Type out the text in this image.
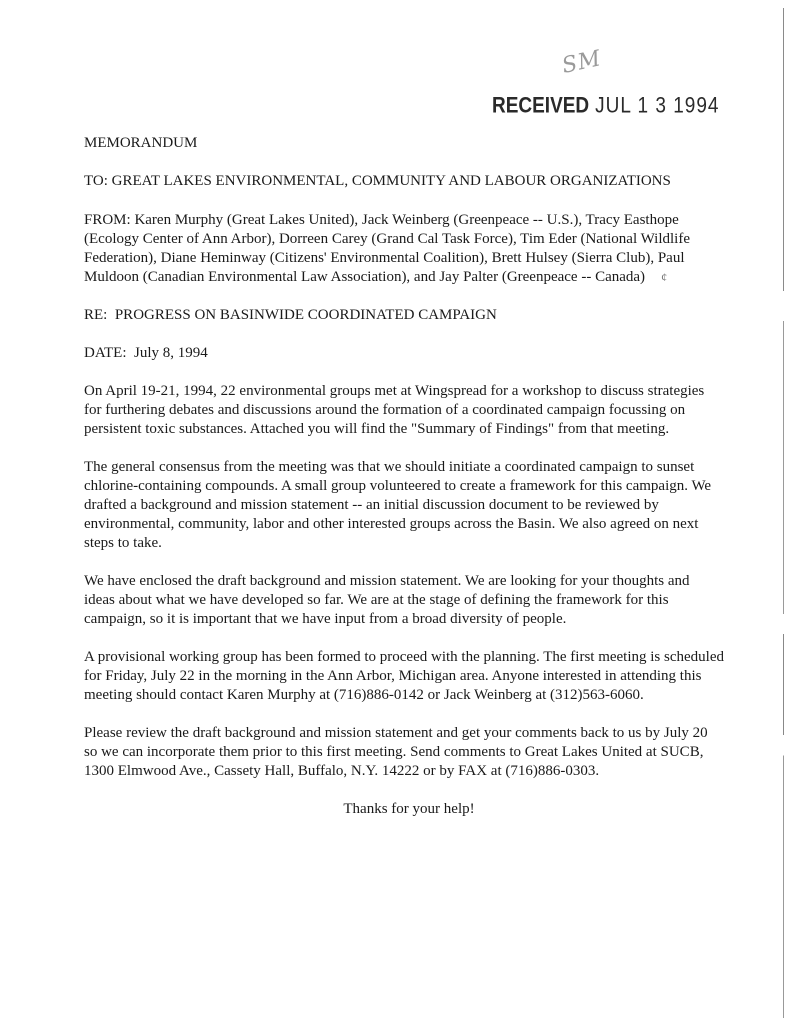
SM
RECEIVED JUL 1 3 1994

MEMORANDUM

TO: GREAT LAKES ENVIRONMENTAL, COMMUNITY AND LABOUR ORGANIZATIONS

FROM: Karen Murphy (Great Lakes United), Jack Weinberg (Greenpeace -- U.S.), Tracy Easthope (Ecology Center of Ann Arbor), Dorreen Carey (Grand Cal Task Force), Tim Eder (National Wildlife Federation), Diane Heminway (Citizens' Environmental Coalition), Brett Hulsey (Sierra Club), Paul Muldoon (Canadian Environmental Law Association), and Jay Palter (Greenpeace -- Canada) ¢

RE: PROGRESS ON BASINWIDE COORDINATED CAMPAIGN

DATE: July 8, 1994

On April 19-21, 1994, 22 environmental groups met at Wingspread for a workshop to discuss strategies for furthering debates and discussions around the formation of a coordinated campaign focussing on persistent toxic substances. Attached you will find the "Summary of Findings" from that meeting.

The general consensus from the meeting was that we should initiate a coordinated campaign to sunset chlorine-containing compounds. A small group volunteered to create a framework for this campaign. We drafted a background and mission statement -- an initial discussion document to be reviewed by environmental, community, labor and other interested groups across the Basin. We also agreed on next steps to take.

We have enclosed the draft background and mission statement. We are looking for your thoughts and ideas about what we have developed so far. We are at the stage of defining the framework for this campaign, so it is important that we have input from a broad diversity of people.

A provisional working group has been formed to proceed with the planning. The first meeting is scheduled for Friday, July 22 in the morning in the Ann Arbor, Michigan area. Anyone interested in attending this meeting should contact Karen Murphy at (716)886-0142 or Jack Weinberg at (312)563-6060.

Please review the draft background and mission statement and get your comments back to us by July 20 so we can incorporate them prior to this first meeting. Send comments to Great Lakes United at SUCB, 1300 Elmwood Ave., Cassety Hall, Buffalo, N.Y. 14222 or by FAX at (716)886-0303.

Thanks for your help!
